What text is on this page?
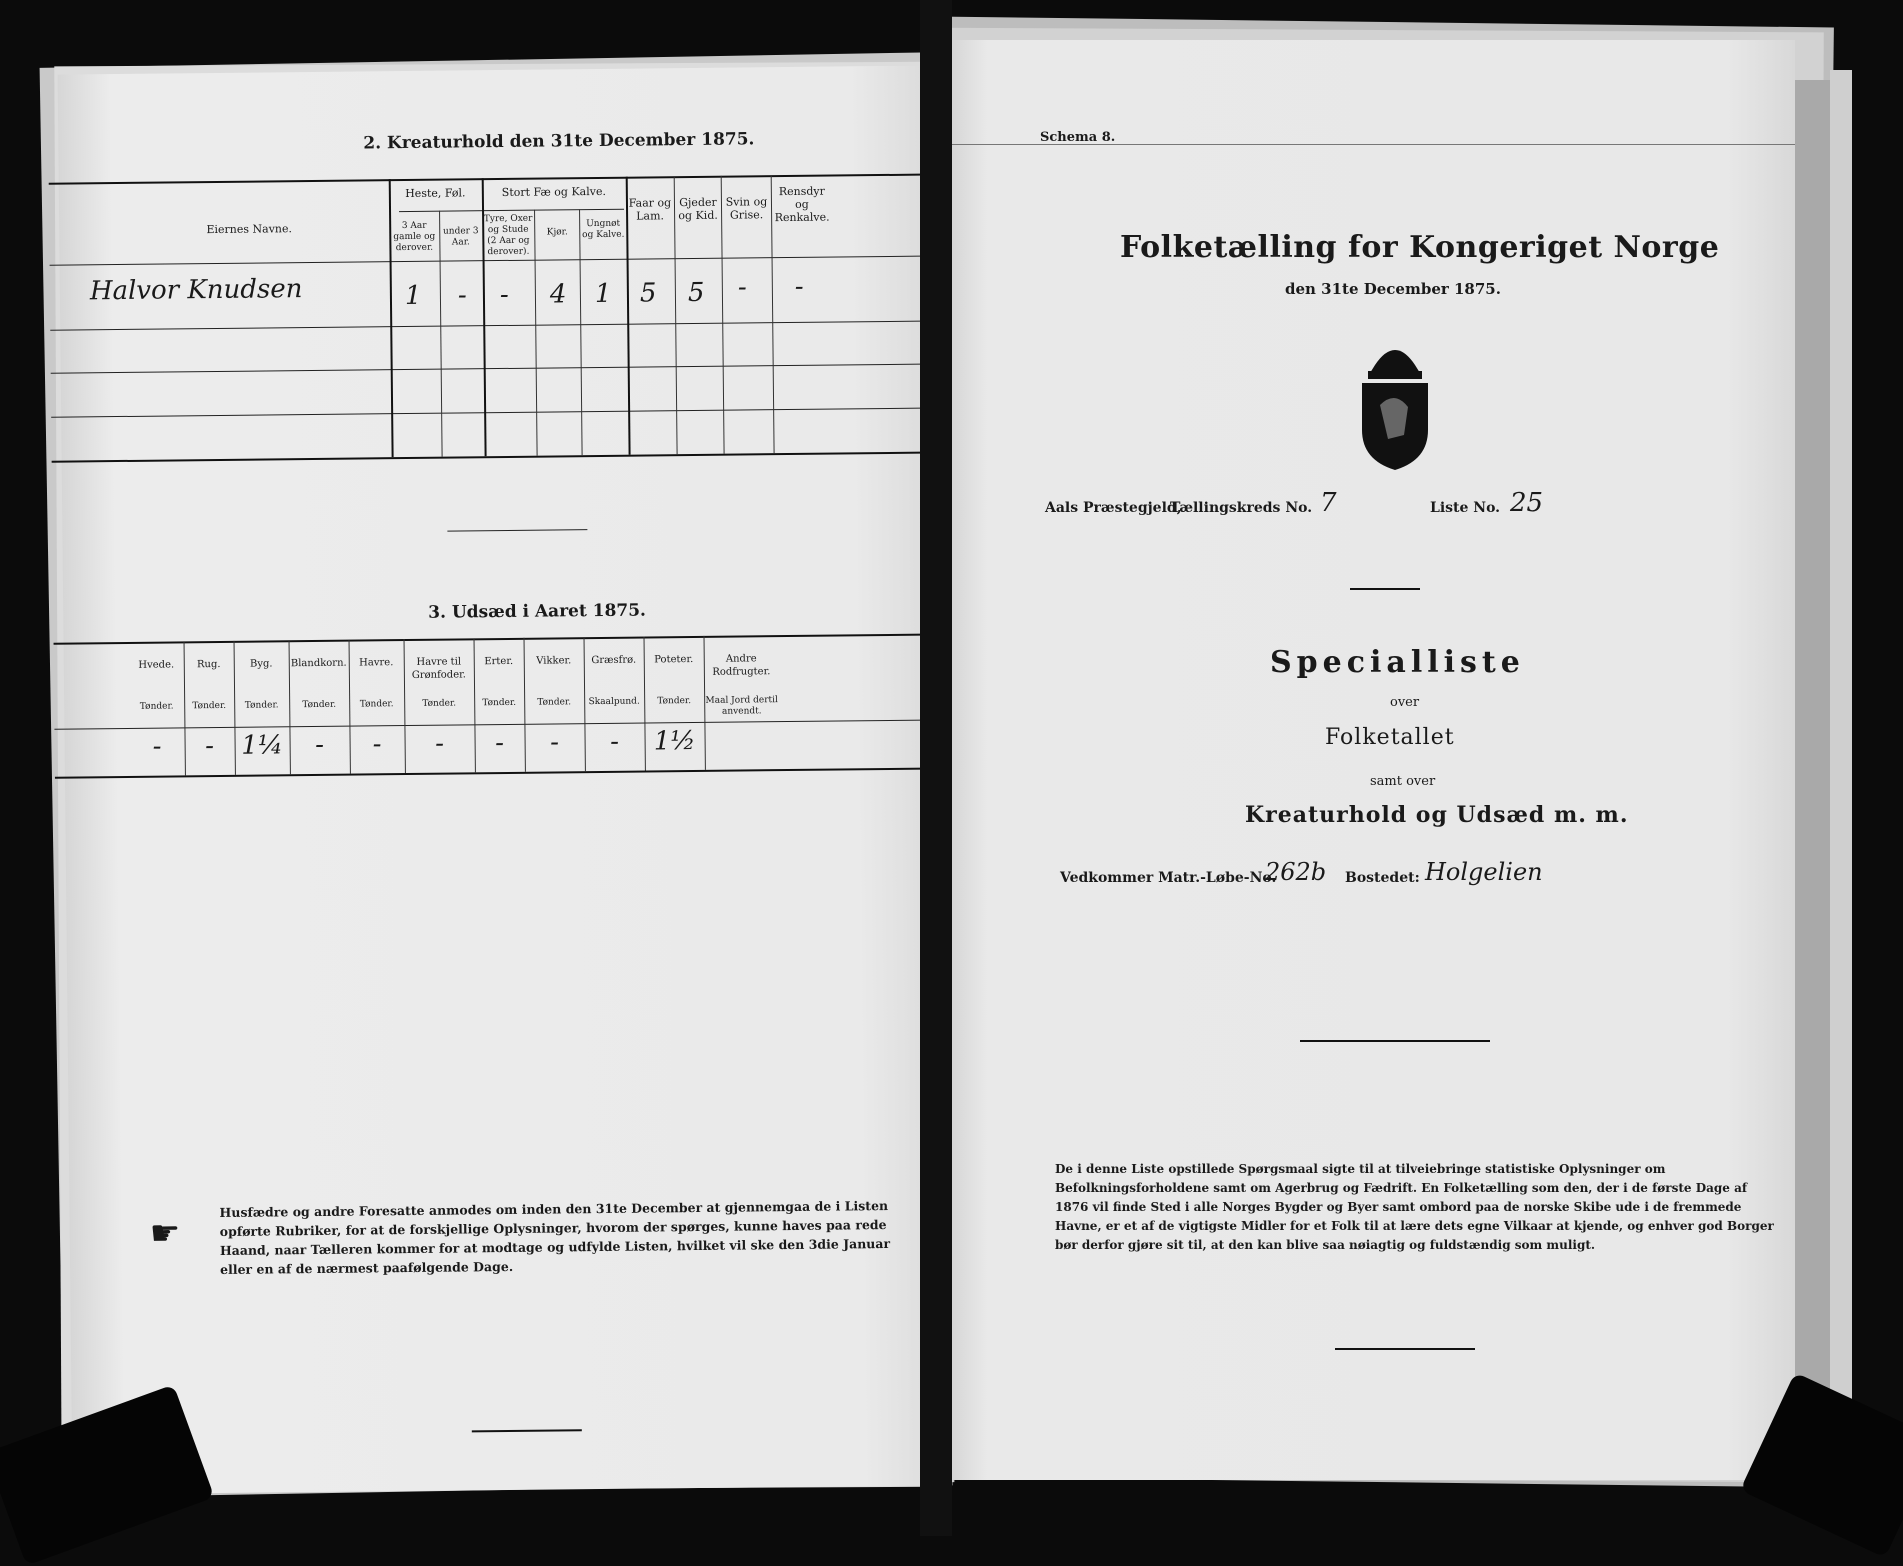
2. Kreaturhold den 31te December 1875.
Eiernes Navne.
Heste, Føl.
3 Aar gamle og derover.
under 3 Aar.
Stort Fæ og Kalve.
Tyre, Oxer og Stude (2 Aar og derover).
Kjør.
Ungnøt og Kalve.
Faar og Lam.
Gjeder og Kid.
Svin og Grise.
Rensdyr og Renkalve.
Halvor Knudsen	1 - - 4 1 5 5 - -
3. Udsæd i Aaret 1875.
Hvede.
Tønder.
-
Rug.
Tønder.
-
Byg.
Tønder.
1¼
Blandkorn.
Tønder.
-
Havre.
Tønder.
-
Havre til Grønfoder.
Tønder.
-
Erter.
Tønder.
-
Vikker.
Tønder.
-
Græsfrø.
Skaalpund.
-
Poteter.
Tønder.
1½
Andre Rodfrugter.
Maal Jord dertil anvendt.
☛
Husfædre og andre Foresatte anmodes om inden den 31te December at gjennemgaa de i Listen opførte Rubriker, for at de forskjellige Oplysninger, hvorom der spørges, kunne haves paa rede Haand, naar Tælleren kommer for at modtage og udfylde Listen, hvilket vil ske den 3die Januar eller en af de nærmest paafølgende Dage.
Schema 8.
Folketælling for Kongeriget Norge
den 31te December 1875.
Aals Præstegjeld,
Tællingskreds No. 7	Liste No. 25
Specialliste
over
Folketallet
samt over
Kreaturhold og Udsæd m. m.
Vedkommer Matr.-Løbe-No.
262b Bostedet: Holgelien
De i denne Liste opstillede Spørgsmaal sigte til at tilveiebringe statistiske Oplysninger om Befolkningsforholdene samt om Agerbrug og Fædrift. En Folketælling som den, der i de første Dage af 1876 vil finde Sted i alle Norges Bygder og Byer samt ombord paa de norske Skibe ude i de fremmede Havne, er et af de vigtigste Midler for et Folk til at lære dets egne Vilkaar at kjende, og enhver god Borger bør derfor gjøre sit til, at den kan blive saa nøiagtig og fuldstændig som muligt.
